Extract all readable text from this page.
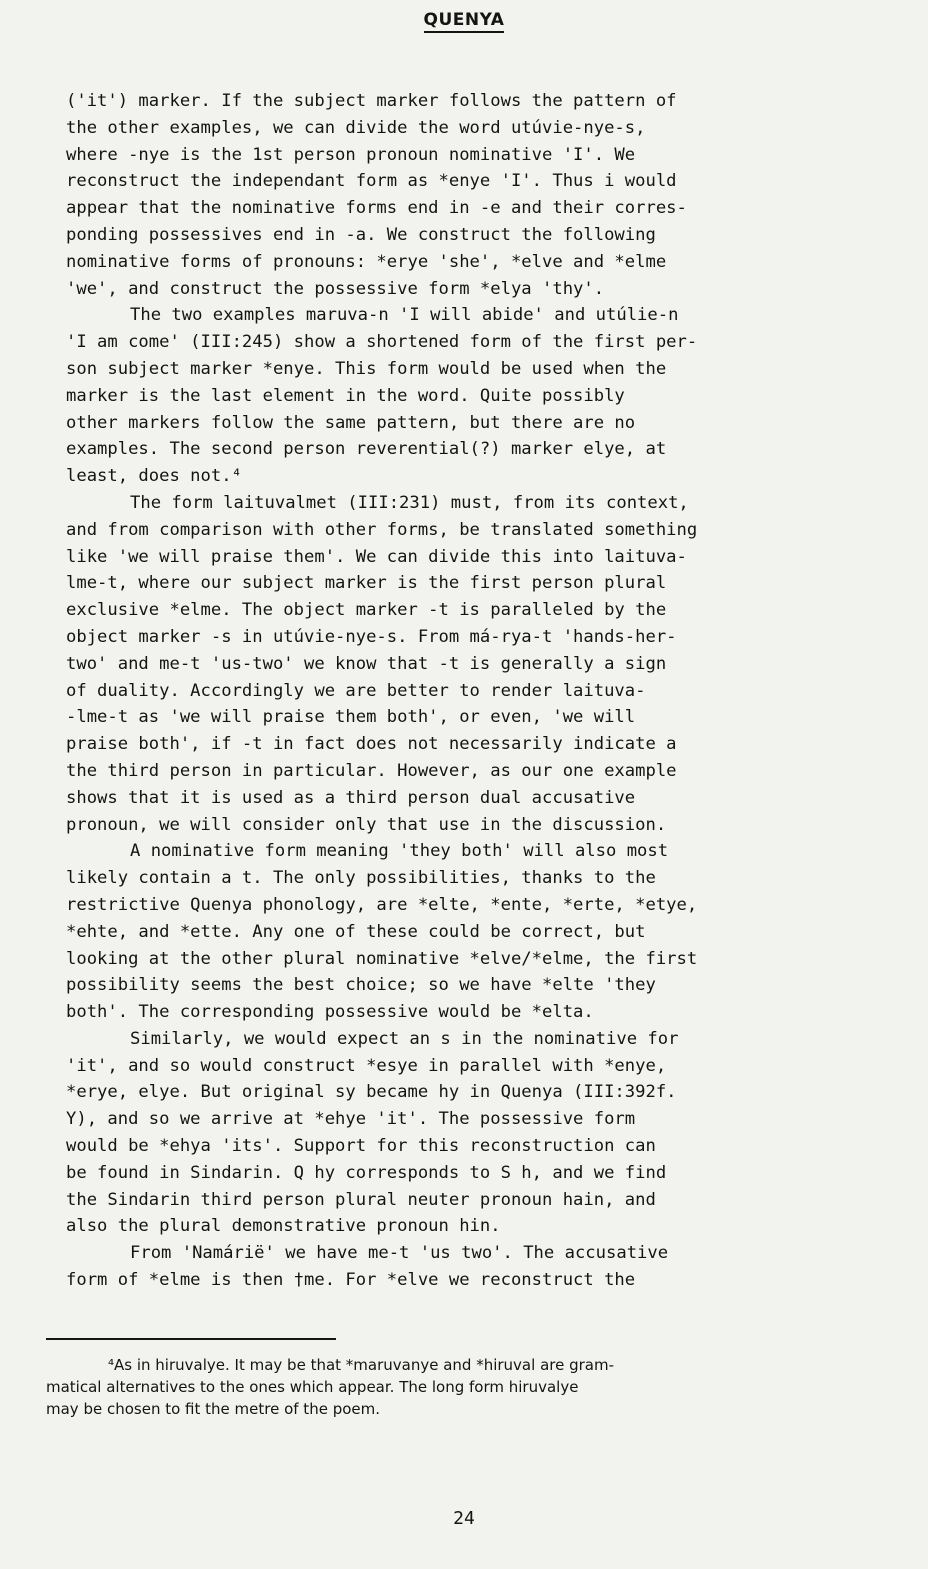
QUENYA
('it') marker. If the subject marker follows the pattern of
the other examples, we can divide the word utúvie-nye-s,
where -nye is the 1st person pronoun nominative 'I'. We
reconstruct the independant form as *enye 'I'. Thus i would
appear that the nominative forms end in -e and their corres-
ponding possessives end in -a. We construct the following
nominative forms of pronouns: *erye 'she', *elve and *elme
'we', and construct the possessive form *elya 'thy'.
The two examples maruva-n 'I will abide' and utúlie-n
'I am come' (III:245) show a shortened form of the first per-
son subject marker *enye. This form would be used when the
marker is the last element in the word. Quite possibly
other markers follow the same pattern, but there are no
examples. The second person reverential(?) marker elye, at
least, does not.⁴
The form laituvalmet (III:231) must, from its context,
and from comparison with other forms, be translated something
like 'we will praise them'. We can divide this into laituva-
lme-t, where our subject marker is the first person plural
exclusive *elme. The object marker -t is paralleled by the
object marker -s in utúvie-nye-s. From má-rya-t 'hands-her-
two' and me-t 'us-two' we know that -t is generally a sign
of duality. Accordingly we are better to render laituva-
-lme-t as 'we will praise them both', or even, 'we will
praise both', if -t in fact does not necessarily indicate a
the third person in particular. However, as our one example
shows that it is used as a third person dual accusative
pronoun, we will consider only that use in the discussion.
A nominative form meaning 'they both' will also most
likely contain a t. The only possibilities, thanks to the
restrictive Quenya phonology, are *elte, *ente, *erte, *etye,
*ehte, and *ette. Any one of these could be correct, but
looking at the other plural nominative *elve/*elme, the first
possibility seems the best choice; so we have *elte 'they
both'. The corresponding possessive would be *elta.
Similarly, we would expect an s in the nominative for
'it', and so would construct *esye in parallel with *enye,
*erye, elye. But original sy became hy in Quenya (III:392f.
Y), and so we arrive at *ehye 'it'. The possessive form
would be *ehya 'its'. Support for this reconstruction can
be found in Sindarin. Q hy corresponds to S h, and we find
the Sindarin third person plural neuter pronoun hain, and
also the plural demonstrative pronoun hin.
From 'Namárië' we have me-t 'us two'. The accusative
form of *elme is then †me. For *elve we reconstruct the
⁴As in hiruvalye. It may be that *maruvanye and *hiruval are gram-
matical alternatives to the ones which appear. The long form hiruvalye
may be chosen to fit the metre of the poem.
24
